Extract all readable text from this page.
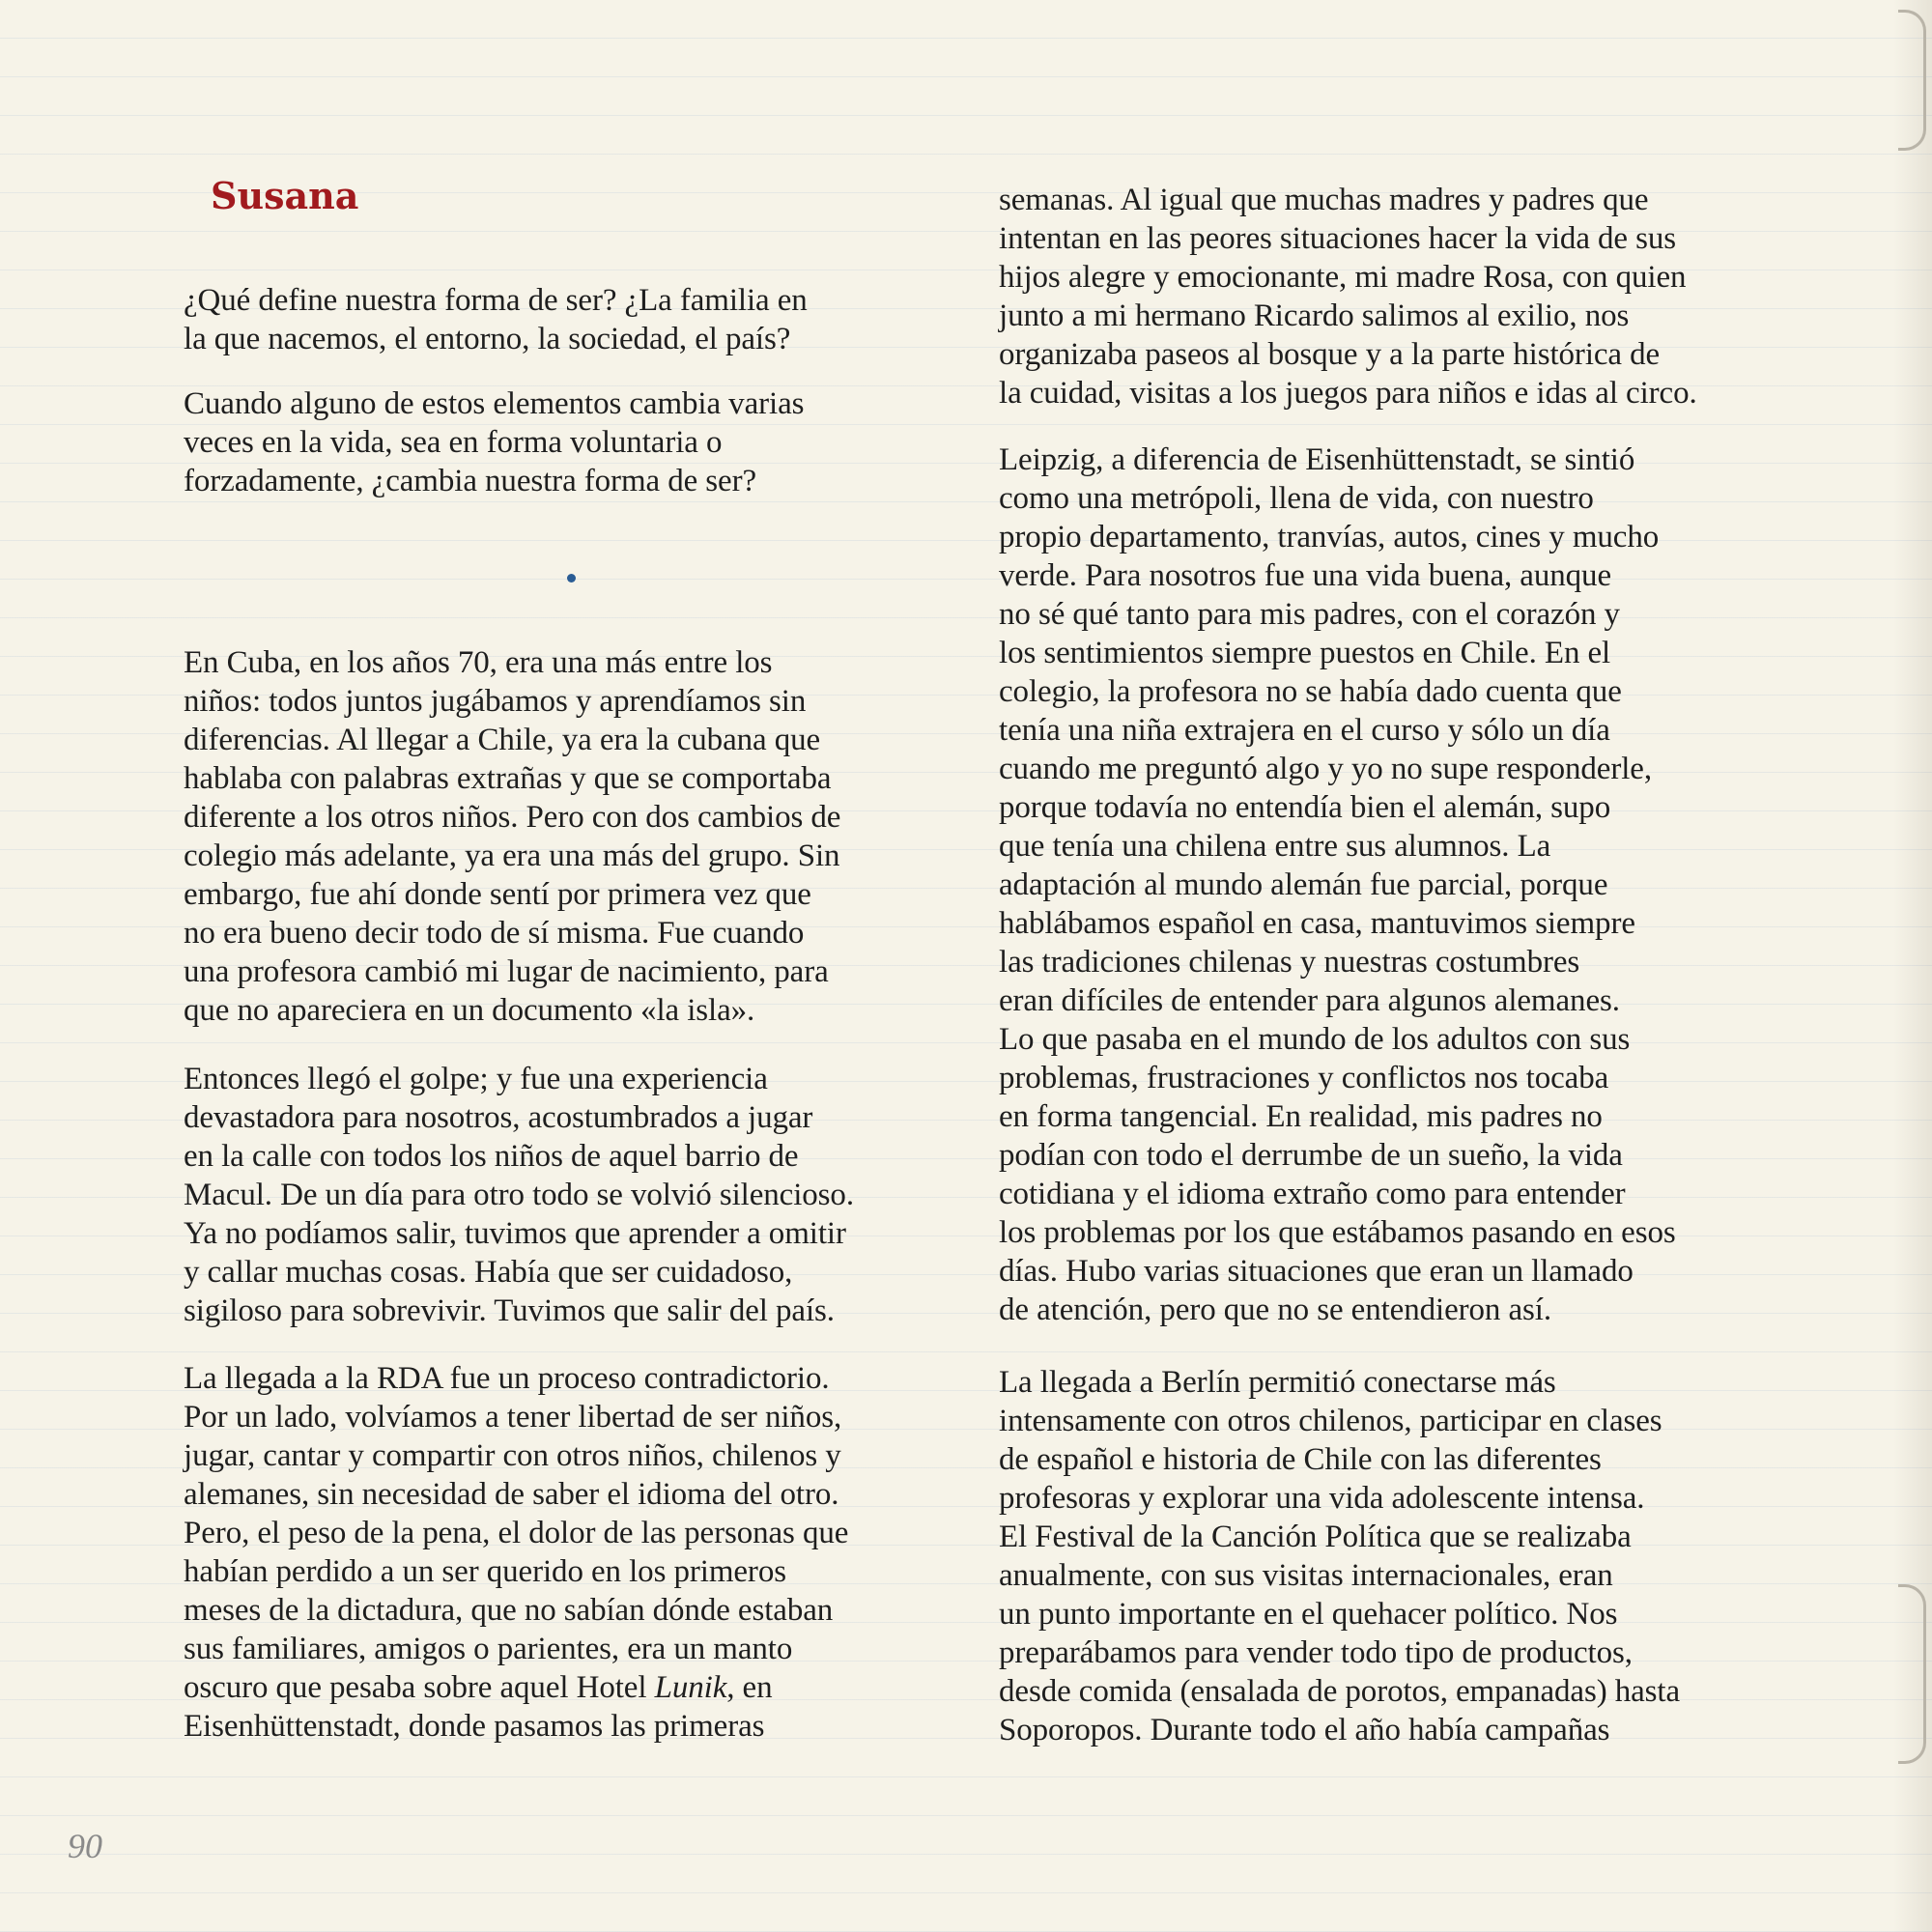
Susana

¿Qué define nuestra forma de ser? ¿La familia en
la que nacemos, el entorno, la sociedad, el país?

Cuando alguno de estos elementos cambia varias
veces en la vida, sea en forma voluntaria o
forzadamente, ¿cambia nuestra forma de ser?

En Cuba, en los años 70, era una más entre los
niños: todos juntos jugábamos y aprendíamos sin
diferencias. Al llegar a Chile, ya era la cubana que
hablaba con palabras extrañas y que se comportaba
diferente a los otros niños. Pero con dos cambios de
colegio más adelante, ya era una más del grupo. Sin
embargo, fue ahí donde sentí por primera vez que
no era bueno decir todo de sí misma. Fue cuando
una profesora cambió mi lugar de nacimiento, para
que no apareciera en un documento «la isla».

Entonces llegó el golpe; y fue una experiencia
devastadora para nosotros, acostumbrados a jugar
en la calle con todos los niños de aquel barrio de
Macul. De un día para otro todo se volvió silencioso.
Ya no podíamos salir, tuvimos que aprender a omitir
y callar muchas cosas. Había que ser cuidadoso,
sigiloso para sobrevivir. Tuvimos que salir del país.

La llegada a la RDA fue un proceso contradictorio.
Por un lado, volvíamos a tener libertad de ser niños,
jugar, cantar y compartir con otros niños, chilenos y
alemanes, sin necesidad de saber el idioma del otro.
Pero, el peso de la pena, el dolor de las personas que
habían perdido a un ser querido en los primeros
meses de la dictadura, que no sabían dónde estaban
sus familiares, amigos o parientes, era un manto
oscuro que pesaba sobre aquel Hotel Lunik, en
Eisenhüttenstadt, donde pasamos las primeras

semanas. Al igual que muchas madres y padres que
intentan en las peores situaciones hacer la vida de sus
hijos alegre y emocionante, mi madre Rosa, con quien
junto a mi hermano Ricardo salimos al exilio, nos
organizaba paseos al bosque y a la parte histórica de
la cuidad, visitas a los juegos para niños e idas al circo.

Leipzig, a diferencia de Eisenhüttenstadt, se sintió
como una metrópoli, llena de vida, con nuestro
propio departamento, tranvías, autos, cines y mucho
verde. Para nosotros fue una vida buena, aunque
no sé qué tanto para mis padres, con el corazón y
los sentimientos siempre puestos en Chile. En el
colegio, la profesora no se había dado cuenta que
tenía una niña extrajera en el curso y sólo un día
cuando me preguntó algo y yo no supe responderle,
porque todavía no entendía bien el alemán, supo
que tenía una chilena entre sus alumnos. La
adaptación al mundo alemán fue parcial, porque
hablábamos español en casa, mantuvimos siempre
las tradiciones chilenas y nuestras costumbres
eran difíciles de entender para algunos alemanes.
Lo que pasaba en el mundo de los adultos con sus
problemas, frustraciones y conflictos nos tocaba
en forma tangencial. En realidad, mis padres no
podían con todo el derrumbe de un sueño, la vida
cotidiana y el idioma extraño como para entender
los problemas por los que estábamos pasando en esos
días. Hubo varias situaciones que eran un llamado
de atención, pero que no se entendieron así.

La llegada a Berlín permitió conectarse más
intensamente con otros chilenos, participar en clases
de español e historia de Chile con las diferentes
profesoras y explorar una vida adolescente intensa.
El Festival de la Canción Política que se realizaba
anualmente, con sus visitas internacionales, eran
un punto importante en el quehacer político. Nos
preparábamos para vender todo tipo de productos,
desde comida (ensalada de porotos, empanadas) hasta
Soporopos. Durante todo el año había campañas

90
